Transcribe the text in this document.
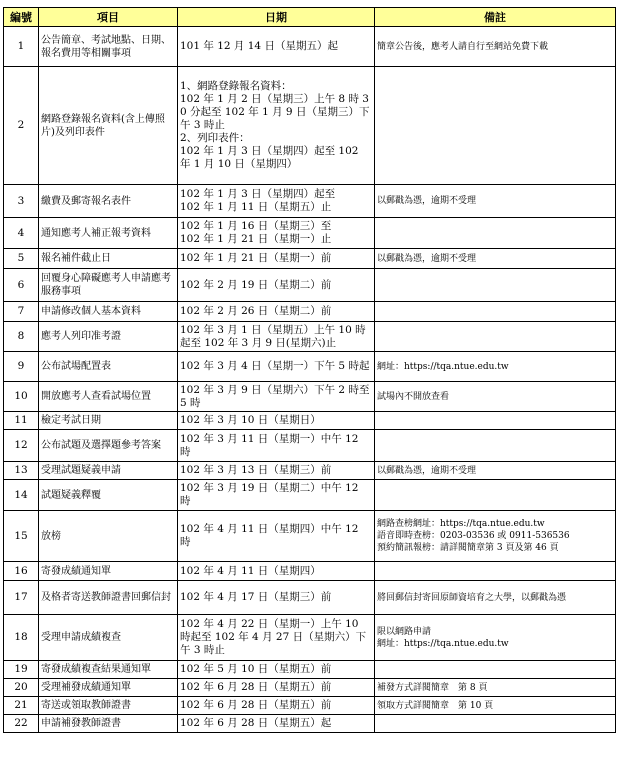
編號	項目	日期	備註
1	公告簡章、考試地點、日期、報名費用等相關事項	101 年 12 月 14 日（星期五）起	簡章公告後，應考人請自行至網站免費下載
2	網路登錄報名資料(含上傳照片)及列印表件	1、網路登錄報名資料：
102 年 1 月 2 日（星期三）上午 8 時 30 分起至 102 年 1 月 9 日（星期三）下午 3 時止
2、列印表件：
102 年 1 月 3 日（星期四）起至 102 年 1 月 10 日（星期四）	
3	繳費及郵寄報名表件	102 年 1 月 3 日（星期四）起至
102 年 1 月 11 日（星期五）止	以郵戳為憑，逾期不受理
4	通知應考人補正報考資料	102 年 1 月 16 日（星期三）至
102 年 1 月 21 日（星期一）止	
5	報名補件截止日	102 年 1 月 21 日（星期一）前	以郵戳為憑，逾期不受理
6	回覆身心障礙應考人申請應考服務事項	102 年 2 月 19 日（星期二）前	
7	申請修改個人基本資料	102 年 2 月 26 日（星期二）前	
8	應考人列印准考證	102 年 3 月 1 日（星期五）上午 10 時起至 102 年 3 月 9 日(星期六)止	
9	公布試場配置表	102 年 3 月 4 日（星期一）下午 5 時起	網址：https://tqa.ntue.edu.tw
10	開放應考人查看試場位置	102 年 3 月 9 日（星期六）下午 2 時至 5 時	試場內不開放查看
11	檢定考試日期	102 年 3 月 10 日（星期日）	
12	公布試題及選擇題參考答案	102 年 3 月 11 日（星期一）中午 12 時	
13	受理試題疑義申請	102 年 3 月 13 日（星期三）前	以郵戳為憑，逾期不受理
14	試題疑義釋覆	102 年 3 月 19 日（星期二）中午 12 時	
15	放榜	102 年 4 月 11 日（星期四）中午 12 時	網路查榜網址：https://tqa.ntue.edu.tw
語音即時查榜：0203-03536 或 0911-536536
預約簡訊報榜：請詳閱簡章第 3 頁及第 46 頁
16	寄發成績通知單	102 年 4 月 11 日（星期四）	
17	及格者寄送教師證書回郵信封	102 年 4 月 17 日（星期三）前	將回郵信封寄回原師資培育之大學，以郵戳為憑
18	受理申請成績複查	102 年 4 月 22 日（星期一）上午 10 時起至 102 年 4 月 27 日（星期六）下午 3 時止	限以網路申請
網址：https://tqa.ntue.edu.tw
19	寄發成績複查結果通知單	102 年 5 月 10 日（星期五）前	
20	受理補發成績通知單	102 年 6 月 28 日（星期五）前	補發方式詳閱簡章　第 8 頁
21	寄送或領取教師證書	102 年 6 月 28 日（星期五）前	領取方式詳閱簡章　第 10 頁
22	申請補發教師證書	102 年 6 月 28 日（星期五）起	
